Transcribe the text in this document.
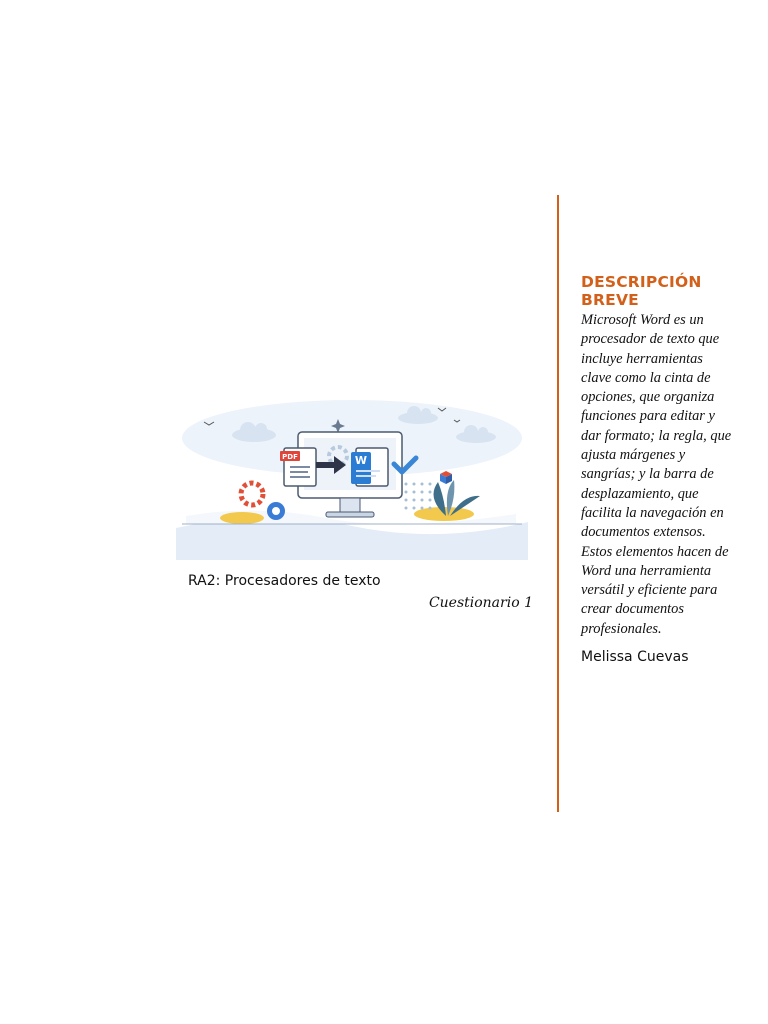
PDF	W
RA2: Procesadores de texto
Cuestionario 1
DESCRIPCIÓN BREVE

Microsoft Word es un procesador de texto que incluye herramientas clave como la cinta de opciones, que organiza funciones para editar y dar formato; la regla, que ajusta márgenes y sangrías; y la barra de desplazamiento, que facilita la navegación en documentos extensos. Estos elementos hacen de Word una herramienta versátil y eficiente para crear documentos profesionales.

Melissa Cuevas
